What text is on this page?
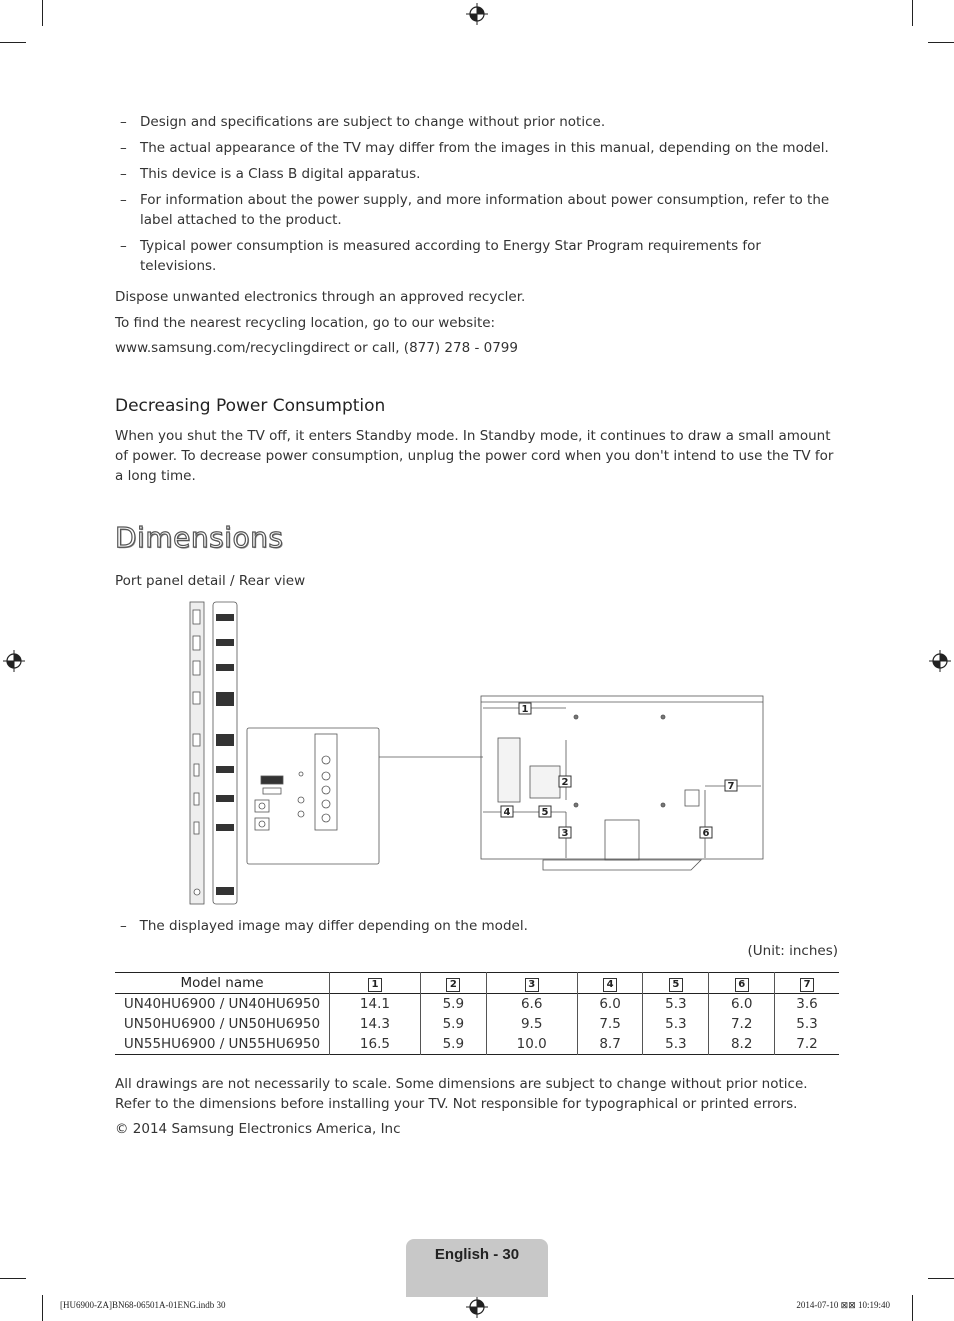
– Design and specifications are subject to change without prior notice.
– The actual appearance of the TV may differ from the images in this manual, depending on the model.
– This device is a Class B digital apparatus.
– For information about the power supply, and more information about power consumption, refer to the label attached to the product.
– Typical power consumption is measured according to Energy Star Program requirements for televisions.
Dispose unwanted electronics through an approved recycler.
To find the nearest recycling location, go to our website:
www.samsung.com/recyclingdirect or call, (877) 278 - 0799
Decreasing Power Consumption
When you shut the TV off, it enters Standby mode. In Standby mode, it continues to draw a small amount of power. To decrease power consumption, unplug the power cord when you don't intend to use the TV for a long time.
Dimensions
Port panel detail / Rear view
1
2
3
4	5
6
7
–   The displayed image may differ depending on the model.
(Unit: inches)
Model name	1	2	3	4	5	6	7
UN40HU6900 / UN40HU6950	14.1	5.9	6.6	6.0	5.3	6.0	3.6
UN50HU6900 / UN50HU6950	14.3	5.9	9.5	7.5	5.3	7.2	5.3
UN55HU6900 / UN55HU6950	16.5	5.9	10.0	8.7	5.3	8.2	7.2
All drawings are not necessarily to scale. Some dimensions are subject to change without prior notice. Refer to the dimensions before installing your TV. Not responsible for typographical or printed errors.
© 2014 Samsung Electronics America, Inc
English - 30
[HU6900-ZA]BN68-06501A-01ENG.indb 30	2014-07-10 ⊠⊠ 10:19:40
